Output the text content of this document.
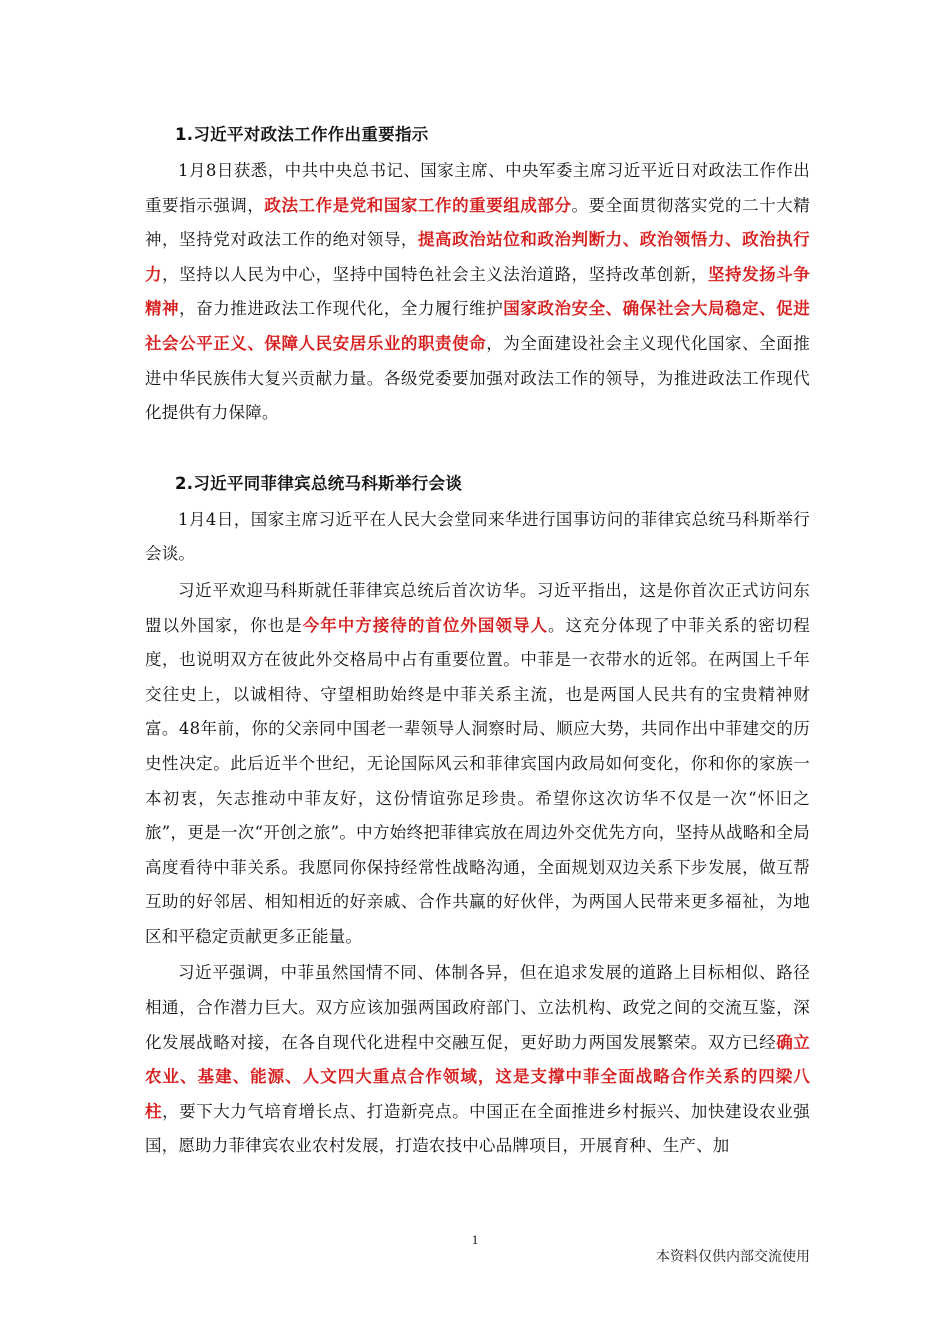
1.习近平对政法工作作出重要指示

1月8日获悉，中共中央总书记、国家主席、中央军委主席习近平近日对政法工作作出重要指示强调，政法工作是党和国家工作的重要组成部分。要全面贯彻落实党的二十大精神，坚持党对政法工作的绝对领导，提高政治站位和政治判断力、政治领悟力、政治执行力，坚持以人民为中心，坚持中国特色社会主义法治道路，坚持改革创新，坚持发扬斗争精神，奋力推进政法工作现代化，全力履行维护国家政治安全、确保社会大局稳定、促进社会公平正义、保障人民安居乐业的职责使命，为全面建设社会主义现代化国家、全面推进中华民族伟大复兴贡献力量。各级党委要加强对政法工作的领导，为推进政法工作现代化提供有力保障。

2.习近平同菲律宾总统马科斯举行会谈

1月4日，国家主席习近平在人民大会堂同来华进行国事访问的菲律宾总统马科斯举行会谈。

习近平欢迎马科斯就任菲律宾总统后首次访华。习近平指出，这是你首次正式访问东盟以外国家，你也是今年中方接待的首位外国领导人。这充分体现了中菲关系的密切程度，也说明双方在彼此外交格局中占有重要位置。中菲是一衣带水的近邻。在两国上千年交往史上，以诚相待、守望相助始终是中菲关系主流，也是两国人民共有的宝贵精神财富。48年前，你的父亲同中国老一辈领导人洞察时局、顺应大势，共同作出中菲建交的历史性决定。此后近半个世纪，无论国际风云和菲律宾国内政局如何变化，你和你的家族一本初衷，矢志推动中菲友好，这份情谊弥足珍贵。希望你这次访华不仅是一次“怀旧之旅”，更是一次“开创之旅”。中方始终把菲律宾放在周边外交优先方向，坚持从战略和全局高度看待中菲关系。我愿同你保持经常性战略沟通，全面规划双边关系下步发展，做互帮互助的好邻居、相知相近的好亲戚、合作共赢的好伙伴，为两国人民带来更多福祉，为地区和平稳定贡献更多正能量。

习近平强调，中菲虽然国情不同、体制各异，但在追求发展的道路上目标相似、路径相通，合作潜力巨大。双方应该加强两国政府部门、立法机构、政党之间的交流互鉴，深化发展战略对接，在各自现代化进程中交融互促，更好助力两国发展繁荣。双方已经确立农业、基建、能源、人文四大重点合作领域，这是支撑中菲全面战略合作关系的四梁八柱，要下大力气培育增长点、打造新亮点。中国正在全面推进乡村振兴、加快建设农业强国，愿助力菲律宾农业农村发展，打造农技中心品牌项目，开展育种、生产、加

1
本资料仅供内部交流使用
